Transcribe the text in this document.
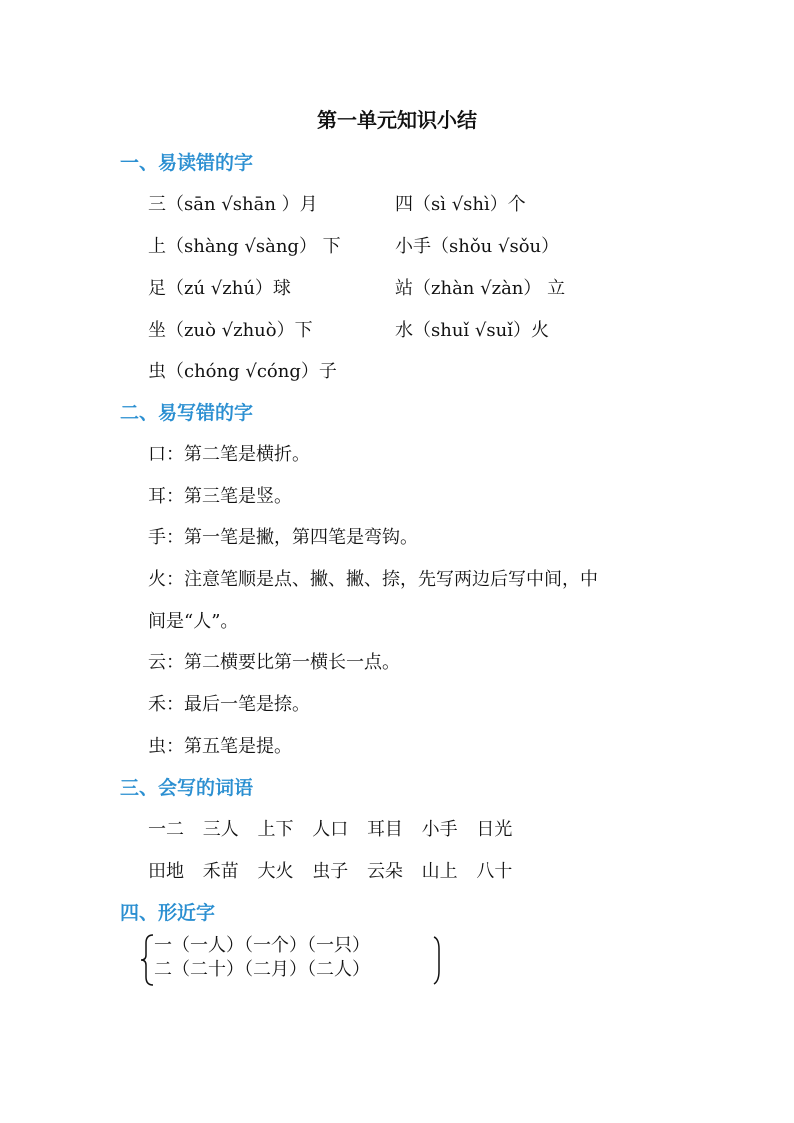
第一单元知识小结
一、易读错的字
三（sān √shān ）月	四（sì √shì）个
上（shàng √sàng） 下	小手（shǒu √sǒu）
足（zú √zhú）球	站（zhàn √zàn） 立
坐（zuò √zhuò）下	水（shuǐ √suǐ）火
虫（chóng √cóng）子
二、易写错的字
口：第二笔是横折。
耳：第三笔是竖。
手：第一笔是撇，第四笔是弯钩。
火：注意笔顺是点、撇、撇、捺，先写两边后写中间，中
间是“人”。
云：第二横要比第一横长一点。
禾：最后一笔是捺。
虫：第五笔是提。
三、会写的词语
一二 三人 上下 人口 耳目 小手 日光
田地 禾苗 大火 虫子 云朵 山上 八十
四、形近字
一（一人）（一个）（一只）
二（二十）（二月）（二人）
